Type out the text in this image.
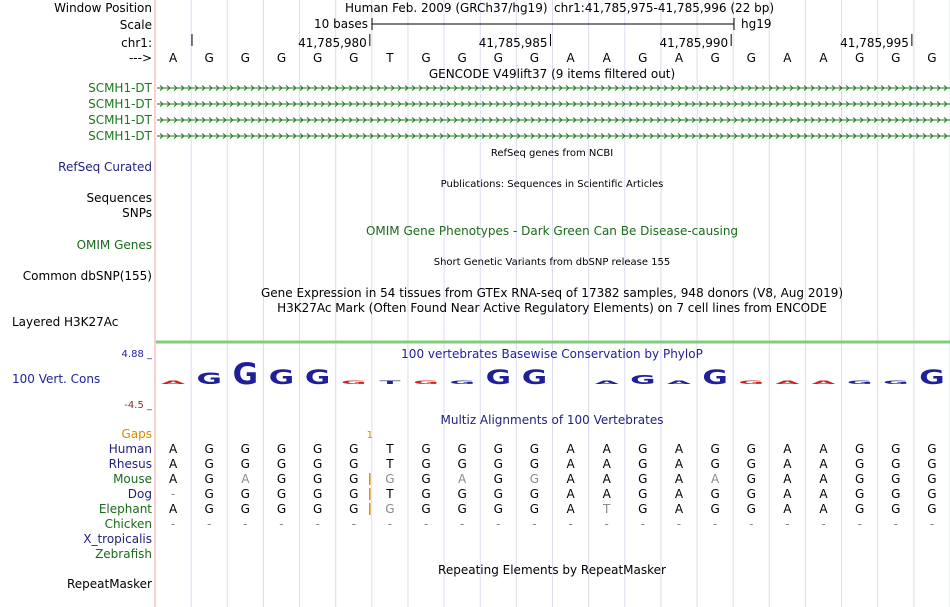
Window Position	Human Feb. 2009 (GRCh37/hg19) chr1:41,785,975-41,785,996 (22 bp)
Scale	10 bases	hg19
chr1:	41,785,980	41,785,985	41,785,990	41,785,995
---> A G G G G G T G G G G A A G A G G A A G G G
GENCODE V49lift37 (9 items filtered out)
SCMH1-DT
SCMH1-DT
SCMH1-DT
SCMH1-DT
RefSeq Curated
RefSeq genes from NCBI
Publications: Sequences in Scientific Articles
Sequences
SNPs
OMIM Gene Phenotypes - Dark Green Can Be Disease-causing
OMIM Genes
Short Genetic Variants from dbSNP release 155
Common dbSNP(155)
Gene Expression in 54 tissues from GTEx RNA-seq of 17382 samples, 948 donors (V8, Aug 2019)
H3K27Ac Mark (Often Found Near Active Regulatory Elements) on 7 cell lines from ENCODE
Layered H3K27Ac
4.88 _	100 vertebrates Basewise Conservation by PhyloP
100 Vert. Cons
-4.5 _
A G G G G G T G G G G A G A G G A A G G G
Multiz Alignments of 100 Vertebrates
Gaps	1
Human A G G G G G T G G G G A A G A G G A A G G G
Rhesus A G G G G G T G G G G A A G A G G A A G G G
Mouse A G A G G G G G A G G A A G A A G A A G G G
Dog - G G G G G T G G G G A A G A G G A A G G G
Elephant A G G G G G G G G G G A T G A G G A A G G G
Chicken -	-	-	-	-	-	-	-	-	-	-	-	-	-	-	-	-	-	-	-	-	-
X_tropicalis
Zebrafish
Repeating Elements by RepeatMasker
RepeatMasker
